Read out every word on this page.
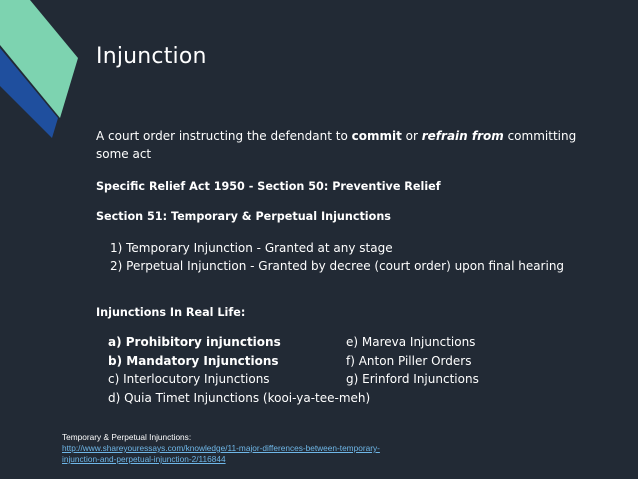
Injunction

A court order instructing the defendant to commit or refrain from committing
some act

Specific Relief Act 1950 - Section 50: Preventive Relief
Section 51: Temporary & Perpetual Injunctions
1) Temporary Injunction - Granted at any stage
2) Perpetual Injunction - Granted by decree (court order) upon final hearing
Injunctions In Real Life:
a) Prohibitory injunctions	e) Mareva Injunctions
b) Mandatory Injunctions	f) Anton Piller Orders
c) Interlocutory Injunctions	g) Erinford Injunctions
d) Quia Timet Injunctions (kooi-ya-tee-meh)
Temporary & Perpetual Injunctions:
http://www.shareyouressays.com/knowledge/11-major-differences-between-temporary-
injunction-and-perpetual-injunction-2/116844
